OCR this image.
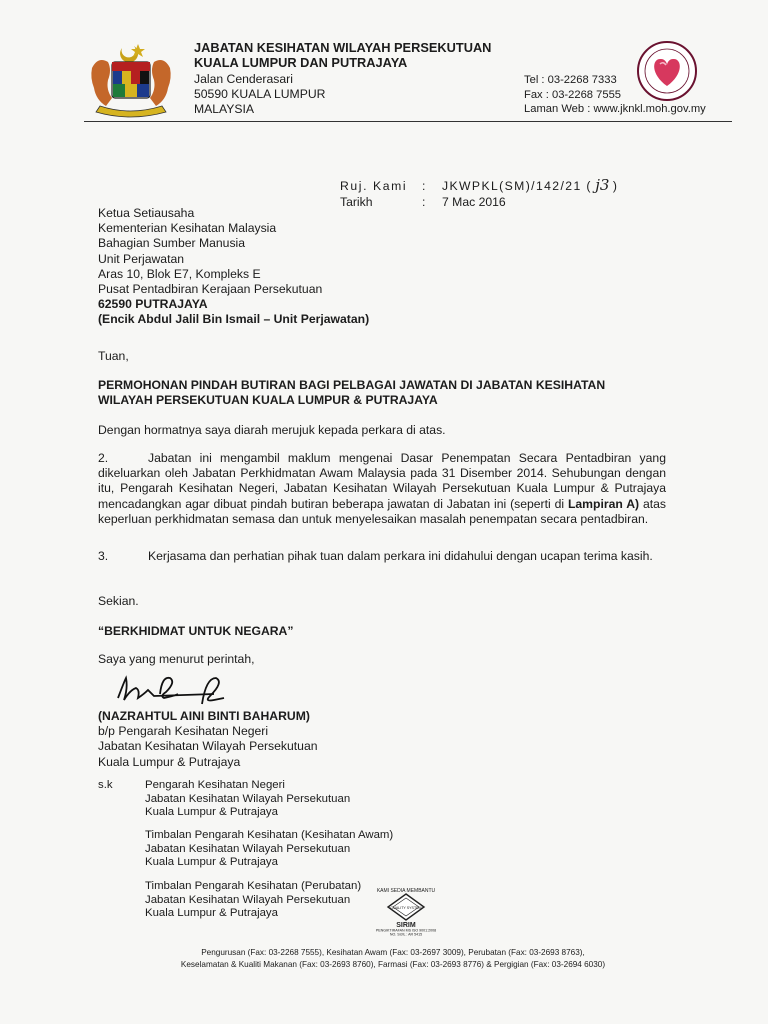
JABATAN KESIHATAN WILAYAH PERSEKUTUAN
KUALA LUMPUR DAN PUTRAJAYA
Jalan Cenderasari
50590 KUALA LUMPUR
MALAYSIA
Tel : 03-2268 7333
Fax : 03-2268 7555
Laman Web : www.jknkl.moh.gov.my
Ruj. Kami : JKWPKL(SM)/142/21 ( j3 )
Tarikh	: 7 Mac 2016
Ketua Setiausaha
Kementerian Kesihatan Malaysia
Bahagian Sumber Manusia
Unit Perjawatan
Aras 10, Blok E7, Kompleks E
Pusat Pentadbiran Kerajaan Persekutuan
62590 PUTRAJAYA
(Encik Abdul Jalil Bin Ismail – Unit Perjawatan)
Tuan,
PERMOHONAN PINDAH BUTIRAN BAGI PELBAGAI JAWATAN DI JABATAN KESIHATAN
WILAYAH PERSEKUTUAN KUALA LUMPUR & PUTRAJAYA
Dengan hormatnya saya diarah merujuk kepada perkara di atas.
2.	Jabatan ini mengambil maklum mengenai Dasar Penempatan Secara Pentadbiran yang dikeluarkan oleh Jabatan Perkhidmatan Awam Malaysia pada 31 Disember 2014. Sehubungan dengan itu, Pengarah Kesihatan Negeri, Jabatan Kesihatan Wilayah Persekutuan Kuala Lumpur & Putrajaya mencadangkan agar dibuat pindah butiran beberapa jawatan di Jabatan ini (seperti di Lampiran A) atas keperluan perkhidmatan semasa dan untuk menyelesaikan masalah penempatan secara pentadbiran.
3.	Kerjasama dan perhatian pihak tuan dalam perkara ini didahului dengan ucapan terima kasih.
Sekian.
“BERKHIDMAT UNTUK NEGARA”
Saya yang menurut perintah,
(NAZRAHTUL AINI BINTI BAHARUM)
b/p Pengarah Kesihatan Negeri
Jabatan Kesihatan Wilayah Persekutuan
Kuala Lumpur & Putrajaya
s.k	Pengarah Kesihatan Negeri
Jabatan Kesihatan Wilayah Persekutuan
Kuala Lumpur & Putrajaya
Timbalan Pengarah Kesihatan (Kesihatan Awam)
Jabatan Kesihatan Wilayah Persekutuan
Kuala Lumpur & Putrajaya
Timbalan Pengarah Kesihatan (Perubatan)
Jabatan Kesihatan Wilayah Persekutuan
Kuala Lumpur & Putrajaya
KAMI SEDIA MEMBANTU
QUALITY SYSTEM
SIRIM
PENGIKTIRAFAN MS ISO 9001:2008
NO. SIJIL : AR 5415
Pengurusan (Fax: 03-2268 7555), Kesihatan Awam (Fax: 03-2697 3009), Perubatan (Fax: 03-2693 8763),
Keselamatan & Kualiti Makanan (Fax: 03-2693 8760), Farmasi (Fax: 03-2693 8776) & Pergigian (Fax: 03-2694 6030)
